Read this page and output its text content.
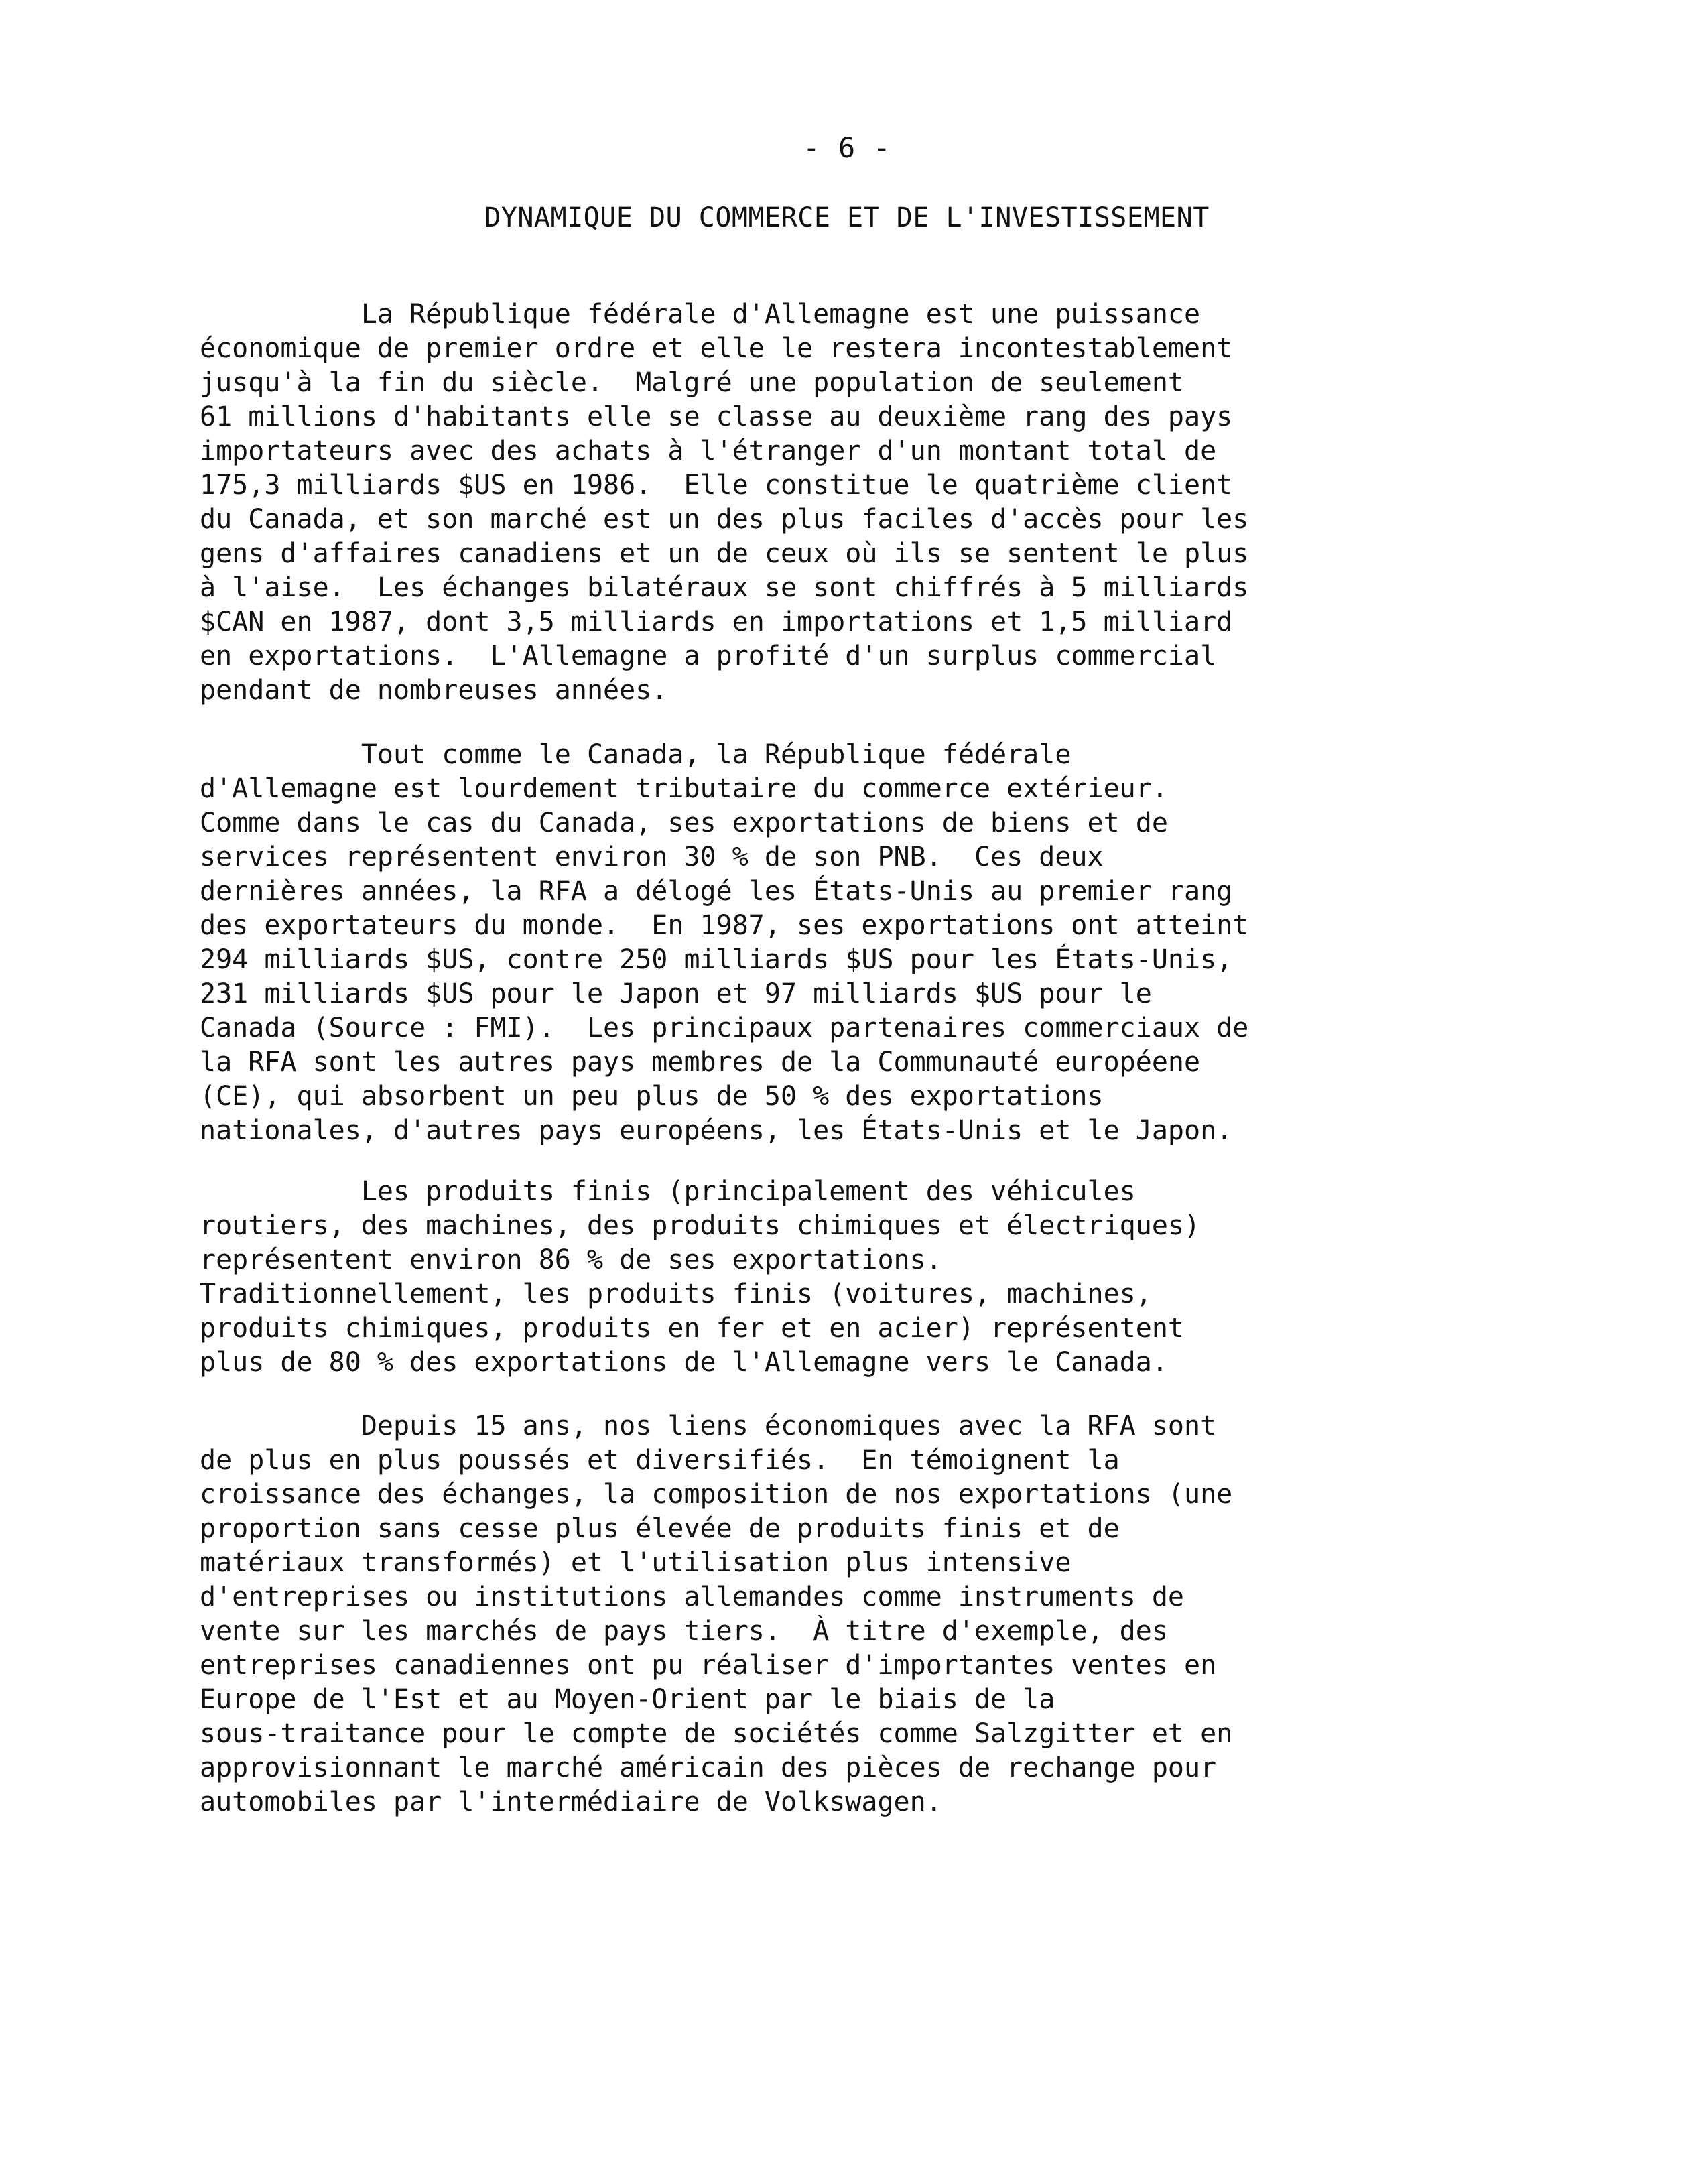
- 6 -
DYNAMIQUE DU COMMERCE ET DE L'INVESTISSEMENT
La République fédérale d'Allemagne est une puissance
économique de premier ordre et elle le restera incontestablement
jusqu'à la fin du siècle.  Malgré une population de seulement
61 millions d'habitants elle se classe au deuxième rang des pays
importateurs avec des achats à l'étranger d'un montant total de
175,3 milliards $US en 1986.  Elle constitue le quatrième client
du Canada, et son marché est un des plus faciles d'accès pour les
gens d'affaires canadiens et un de ceux où ils se sentent le plus
à l'aise.  Les échanges bilatéraux se sont chiffrés à 5 milliards
$CAN en 1987, dont 3,5 milliards en importations et 1,5 milliard
en exportations.  L'Allemagne a profité d'un surplus commercial
pendant de nombreuses années.
Tout comme le Canada, la République fédérale
d'Allemagne est lourdement tributaire du commerce extérieur.
Comme dans le cas du Canada, ses exportations de biens et de
services représentent environ 30 % de son PNB.  Ces deux
dernières années, la RFA a délogé les États-Unis au premier rang
des exportateurs du monde.  En 1987, ses exportations ont atteint
294 milliards $US, contre 250 milliards $US pour les États-Unis,
231 milliards $US pour le Japon et 97 milliards $US pour le
Canada (Source : FMI).  Les principaux partenaires commerciaux de
la RFA sont les autres pays membres de la Communauté européene
(CE), qui absorbent un peu plus de 50 % des exportations
nationales, d'autres pays européens, les États-Unis et le Japon.
Les produits finis (principalement des véhicules
routiers, des machines, des produits chimiques et électriques)
représentent environ 86 % de ses exportations.
Traditionnellement, les produits finis (voitures, machines,
produits chimiques, produits en fer et en acier) représentent
plus de 80 % des exportations de l'Allemagne vers le Canada.
Depuis 15 ans, nos liens économiques avec la RFA sont
de plus en plus poussés et diversifiés.  En témoignent la
croissance des échanges, la composition de nos exportations (une
proportion sans cesse plus élevée de produits finis et de
matériaux transformés) et l'utilisation plus intensive
d'entreprises ou institutions allemandes comme instruments de
vente sur les marchés de pays tiers.  À titre d'exemple, des
entreprises canadiennes ont pu réaliser d'importantes ventes en
Europe de l'Est et au Moyen-Orient par le biais de la
sous-traitance pour le compte de sociétés comme Salzgitter et en
approvisionnant le marché américain des pièces de rechange pour
automobiles par l'intermédiaire de Volkswagen.
